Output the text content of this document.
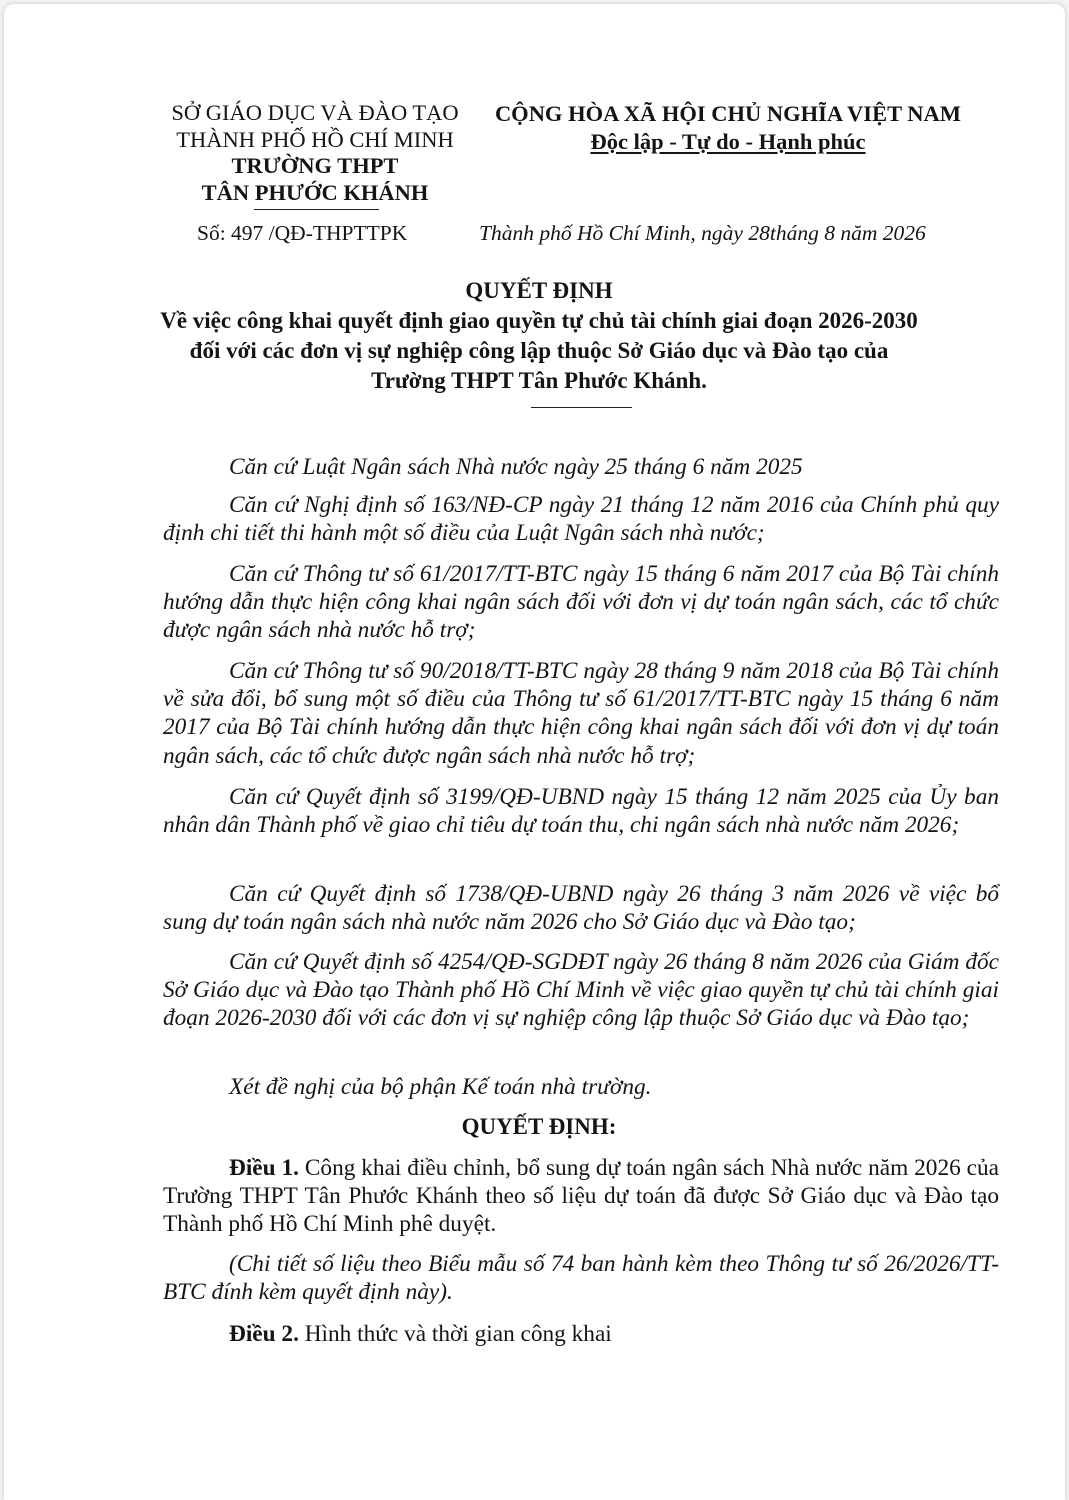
SỞ GIÁO DỤC VÀ ĐÀO TẠO
THÀNH PHỐ HỒ CHÍ MINH
TRƯỜNG THPT
TÂN PHƯỚC KHÁNH
CỘNG HÒA XÃ HỘI CHỦ NGHĨA VIỆT NAM
Độc lập - Tự do - Hạnh phúc
Số: 497 /QĐ-THPTTPK	Thành phố Hồ Chí Minh, ngày 28tháng 8 năm 2026
QUYẾT ĐỊNH
Về việc công khai quyết định giao quyền tự chủ tài chính giai đoạn 2026-2030
đối với các đơn vị sự nghiệp công lập thuộc Sở Giáo dục và Đào tạo của
Trường THPT Tân Phước Khánh.
Căn cứ Luật Ngân sách Nhà nước ngày 25 tháng 6 năm 2025
Căn cứ Nghị định số 163/NĐ-CP ngày 21 tháng 12 năm 2016 của Chính phủ quy định chi tiết thi hành một số điều của Luật Ngân sách nhà nước;
Căn cứ Thông tư số 61/2017/TT-BTC ngày 15 tháng 6 năm 2017 của Bộ Tài chính hướng dẫn thực hiện công khai ngân sách đối với đơn vị dự toán ngân sách, các tổ chức được ngân sách nhà nước hỗ trợ;
Căn cứ Thông tư số 90/2018/TT-BTC ngày 28 tháng 9 năm 2018 của Bộ Tài chính về sửa đổi, bổ sung một số điều của Thông tư số 61/2017/TT-BTC ngày 15 tháng 6 năm 2017 của Bộ Tài chính hướng dẫn thực hiện công khai ngân sách đối với đơn vị dự toán ngân sách, các tổ chức được ngân sách nhà nước hỗ trợ;
Căn cứ Quyết định số 3199/QĐ-UBND ngày 15 tháng 12 năm 2025 của Ủy ban nhân dân Thành phố về giao chỉ tiêu dự toán thu, chi ngân sách nhà nước năm 2026;
Căn cứ Quyết định số 1738/QĐ-UBND ngày 26 tháng 3 năm 2026 về việc bổ sung dự toán ngân sách nhà nước năm 2026 cho Sở Giáo dục và Đào tạo;
Căn cứ Quyết định số 4254/QĐ-SGDĐT ngày 26 tháng 8 năm 2026 của Giám đốc Sở Giáo dục và Đào tạo Thành phố Hồ Chí Minh về việc giao quyền tự chủ tài chính giai đoạn 2026-2030 đối với các đơn vị sự nghiệp công lập thuộc Sở Giáo dục và Đào tạo;
Xét đề nghị của bộ phận Kế toán nhà trường.
QUYẾT ĐỊNH:
Điều 1. Công khai điều chỉnh, bổ sung dự toán ngân sách Nhà nước năm 2026 của Trường THPT Tân Phước Khánh theo số liệu dự toán đã được Sở Giáo dục và Đào tạo Thành phố Hồ Chí Minh phê duyệt.
(Chi tiết số liệu theo Biểu mẫu số 74 ban hành kèm theo Thông tư số 26/2026/TT-BTC đính kèm quyết định này).
Điều 2. Hình thức và thời gian công khai
